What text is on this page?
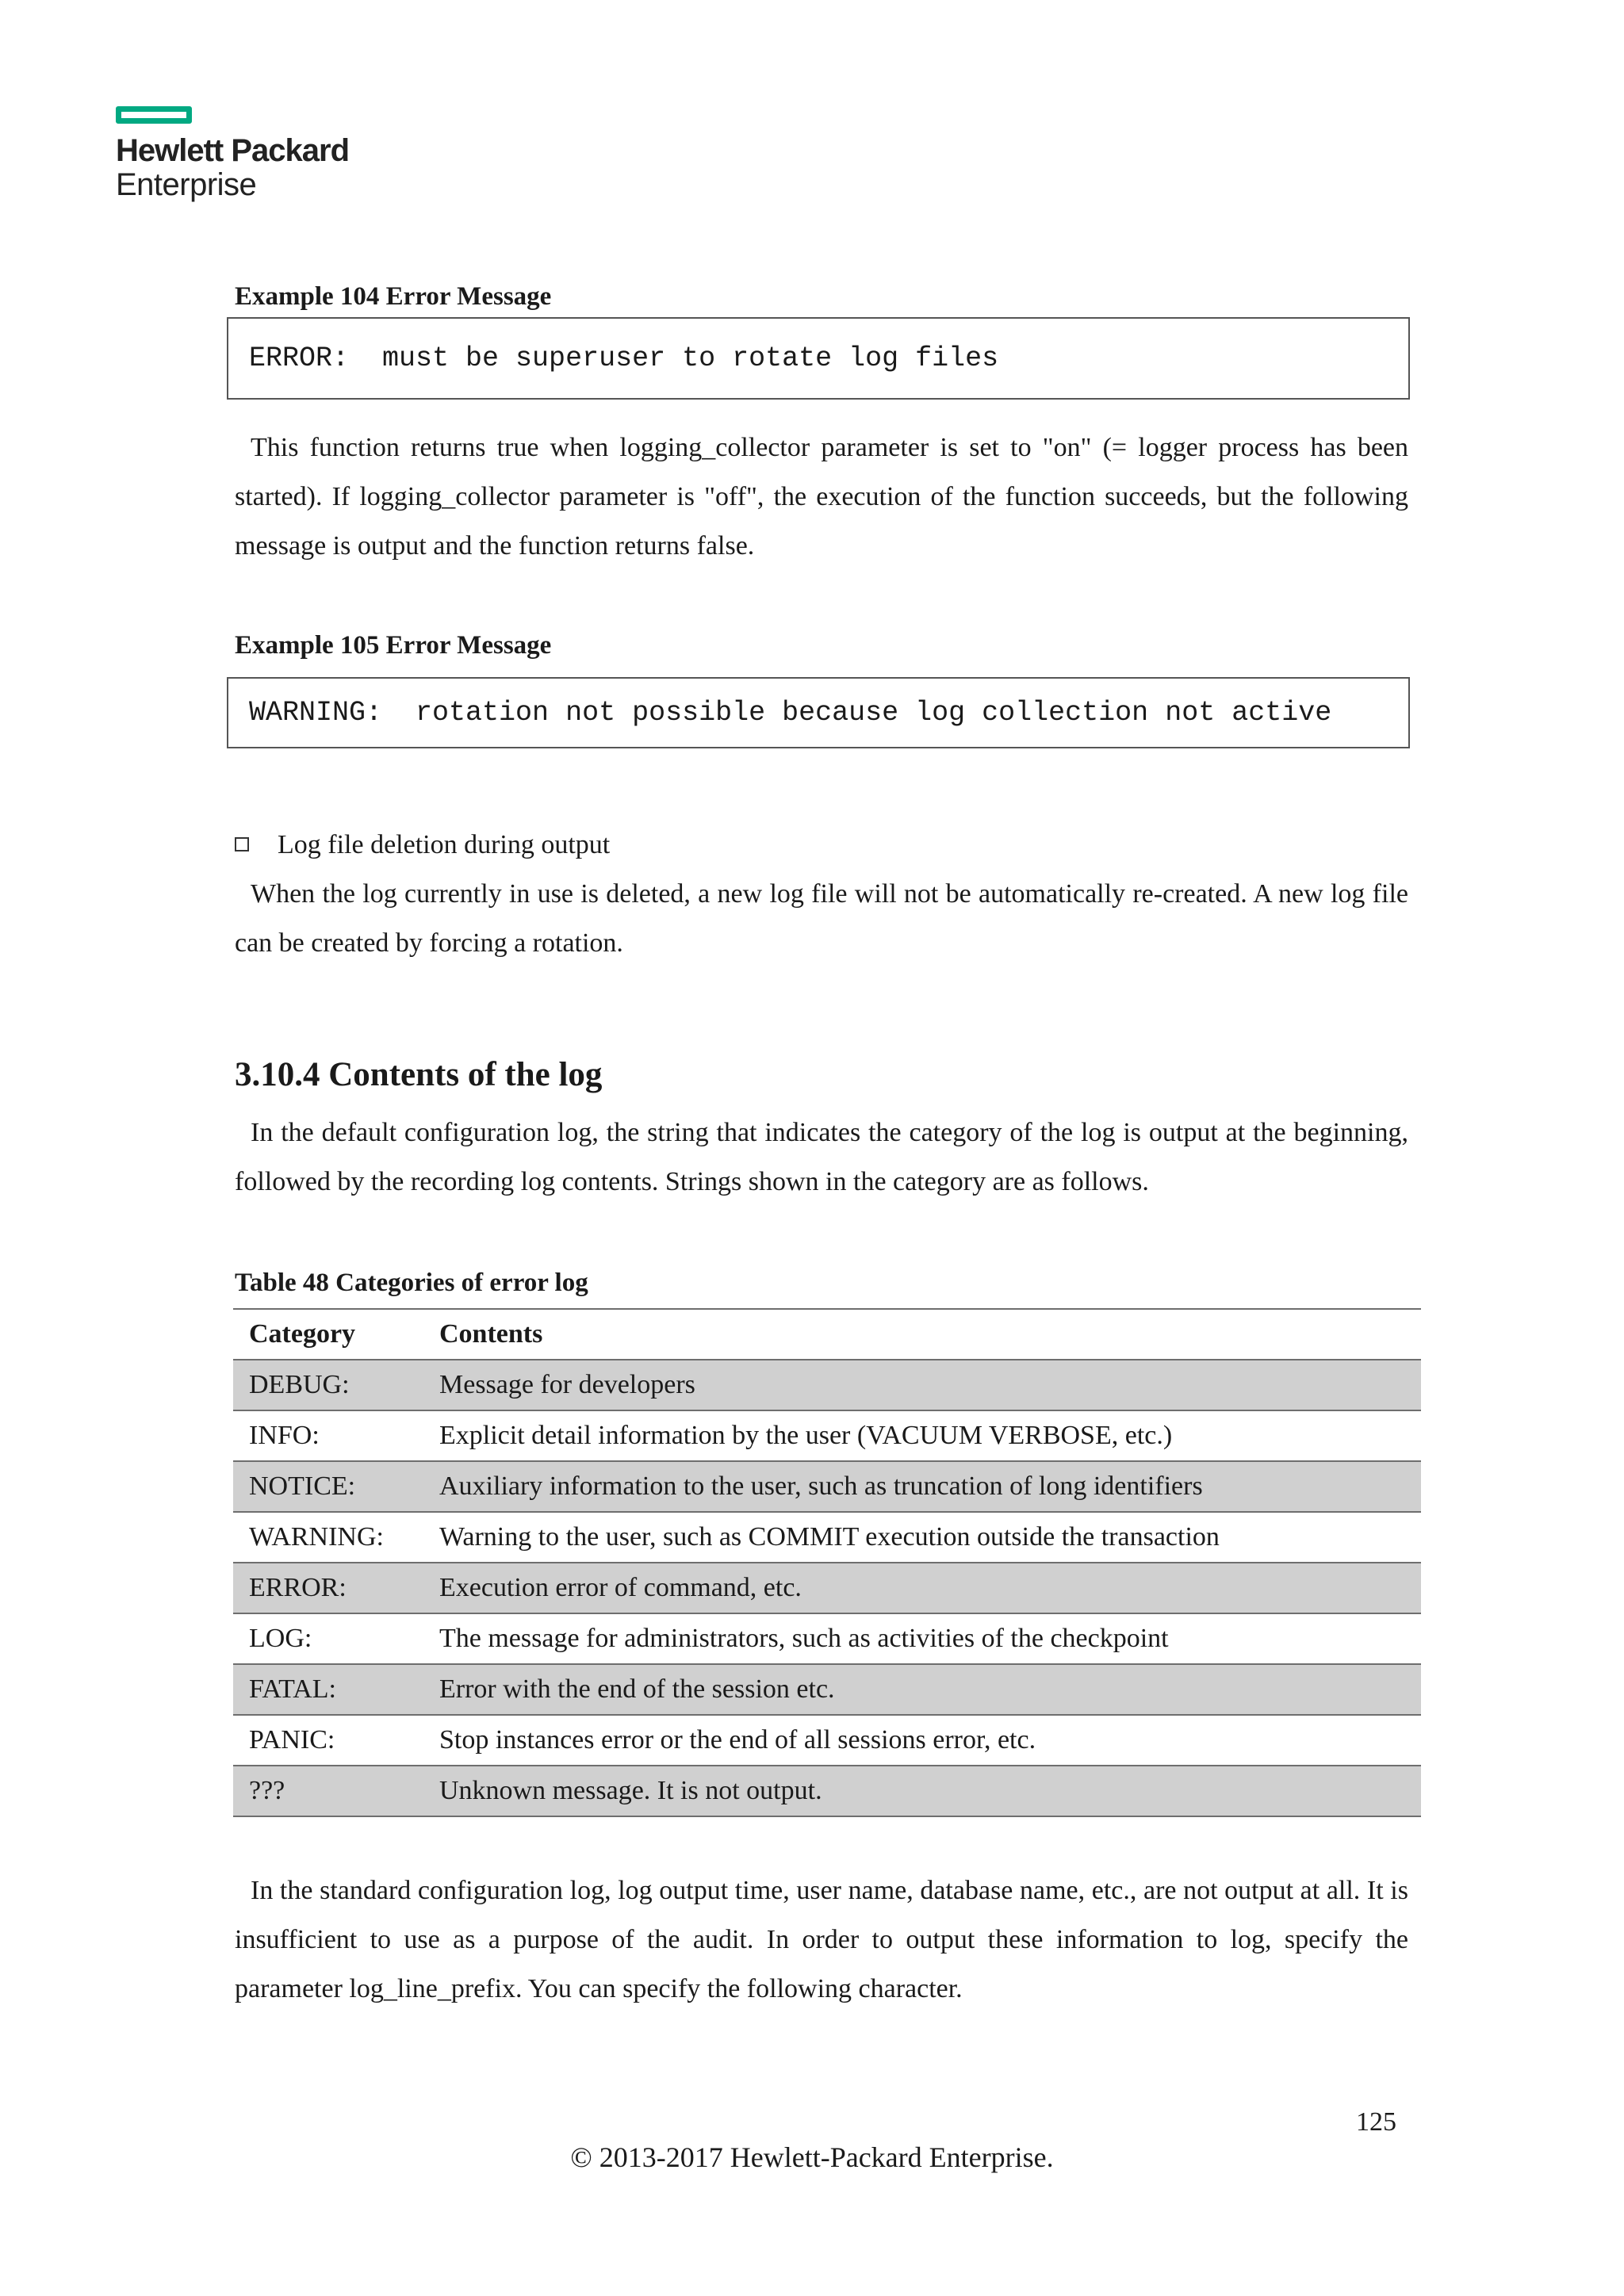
Hewlett Packard
Enterprise
Example 104 Error Message
ERROR:  must be superuser to rotate log files
This function returns true when logging_collector parameter is set to "on" (= logger process has been started). If logging_collector parameter is "off", the execution of the function succeeds, but the following message is output and the function returns false.
Example 105 Error Message
WARNING:  rotation not possible because log collection not active
Log file deletion during output
When the log currently in use is deleted, a new log file will not be automatically re-created. A new log file can be created by forcing a rotation.
3.10.4 Contents of the log
In the default configuration log, the string that indicates the category of the log is output at the beginning, followed by the recording log contents. Strings shown in the category are as follows.
Table 48 Categories of error log
Category	Contents
DEBUG:	Message for developers
INFO:	Explicit detail information by the user (VACUUM VERBOSE, etc.)
NOTICE:	Auxiliary information to the user, such as truncation of long identifiers
WARNING:	Warning to the user, such as COMMIT execution outside the transaction
ERROR:	Execution error of command, etc.
LOG:	The message for administrators, such as activities of the checkpoint
FATAL:	Error with the end of the session etc.
PANIC:	Stop instances error or the end of all sessions error, etc.
???	Unknown message. It is not output.
In the standard configuration log, log output time, user name, database name, etc., are not output at all. It is insufficient to use as a purpose of the audit. In order to output these information to log, specify the parameter log_line_prefix. You can specify the following character.
125
© 2013-2017 Hewlett-Packard Enterprise.
